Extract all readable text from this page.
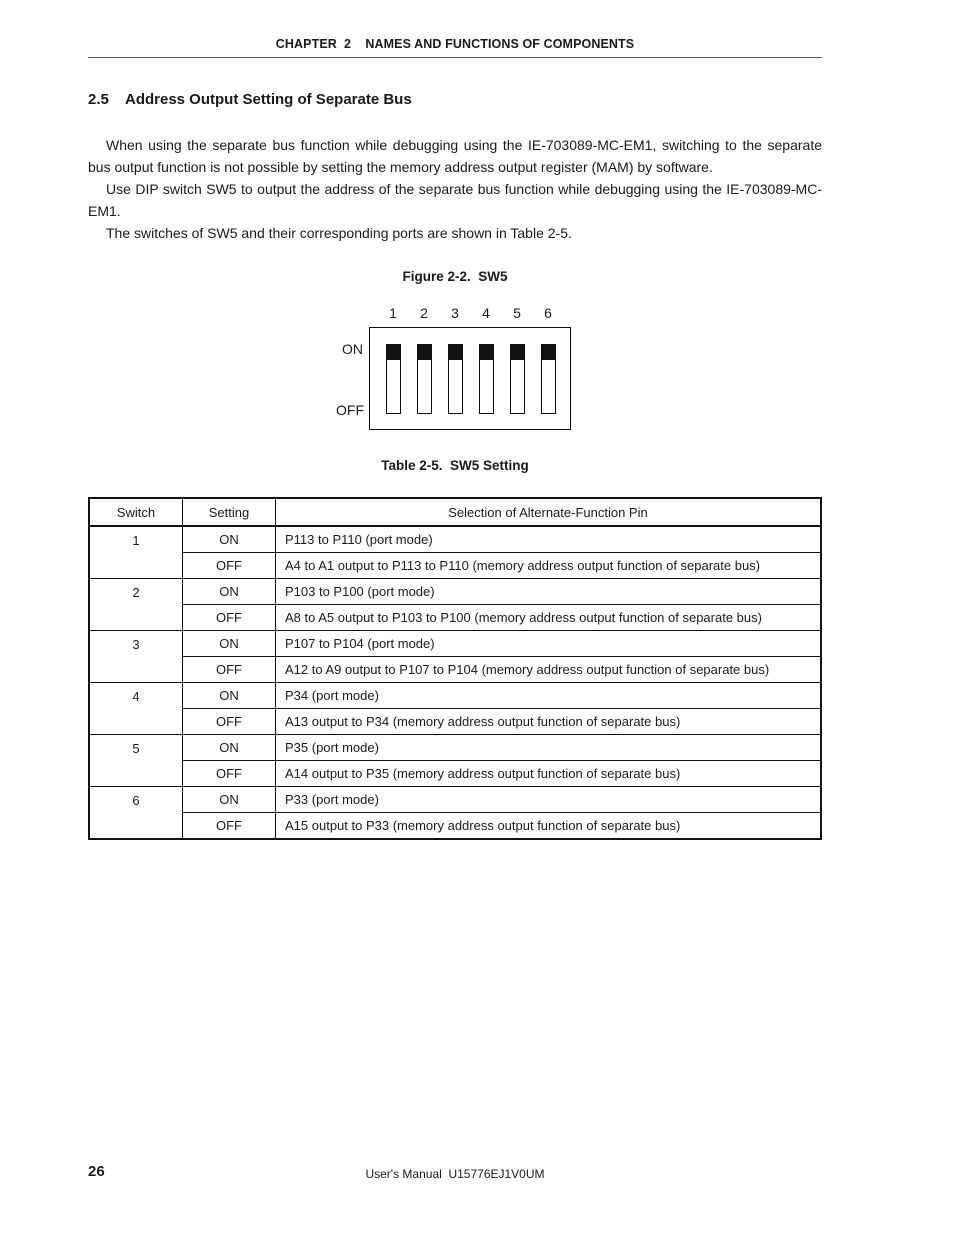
CHAPTER  2    NAMES AND FUNCTIONS OF COMPONENTS
2.5 Address Output Setting of Separate Bus

When using the separate bus function while debugging using the IE-703089-MC-EM1, switching to the separate bus output function is not possible by setting the memory address output register (MAM) by software.

Use DIP switch SW5 to output the address of the separate bus function while debugging using the IE-703089-MC-EM1.

The switches of SW5 and their corresponding ports are shown in Table 2-5.

Figure 2-2.  SW5
1	2	3	4	5	6
ON
OFF
Table 2-5.  SW5 Setting
Switch	Setting	Selection of Alternate-Function Pin
1	ON	P113 to P110 (port mode)
	OFF	A4 to A1 output to P113 to P110 (memory address output function of separate bus)
2	ON	P103 to P100 (port mode)
	OFF	A8 to A5 output to P103 to P100 (memory address output function of separate bus)
3	ON	P107 to P104 (port mode)
	OFF	A12 to A9 output to P107 to P104 (memory address output function of separate bus)
4	ON	P34 (port mode)
	OFF	A13 output to P34 (memory address output function of separate bus)
5	ON	P35 (port mode)
	OFF	A14 output to P35 (memory address output function of separate bus)
6	ON	P33 (port mode)
	OFF	A15 output to P33 (memory address output function of separate bus)
26	User's Manual  U15776EJ1V0UM
